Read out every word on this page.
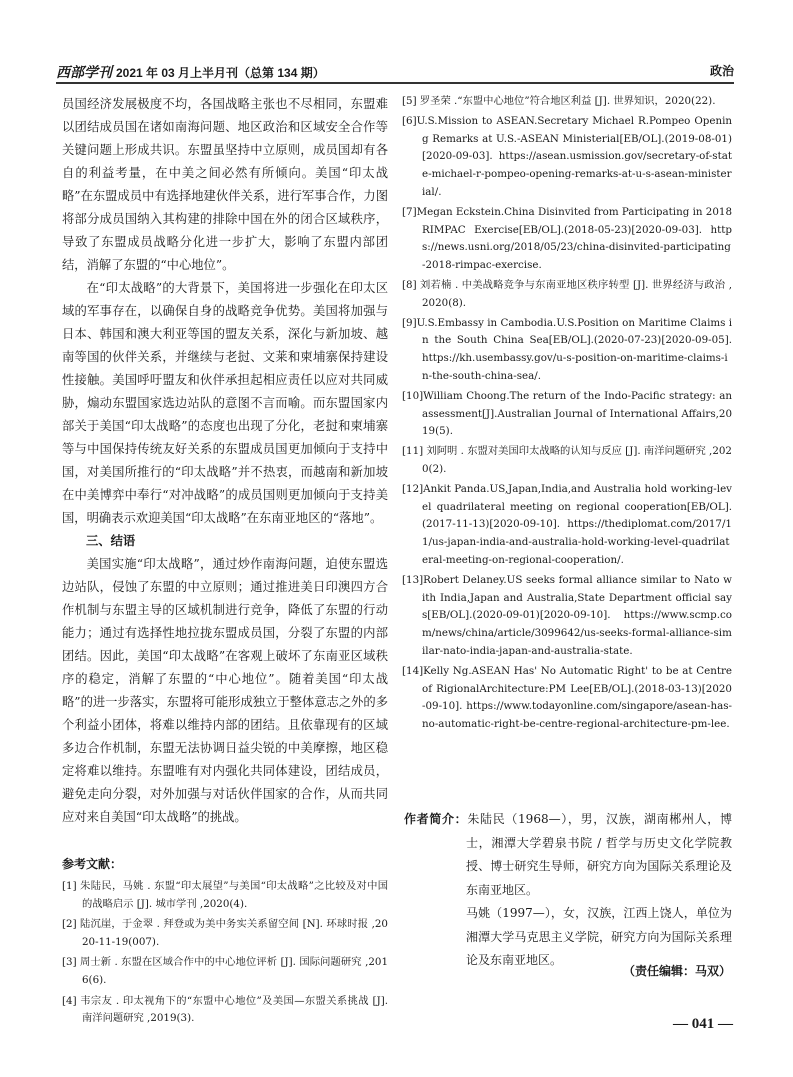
西部学刊 2021 年 03 月上半月刊（总第 134 期）	政治

员国经济发展极度不均，各国战略主张也不尽相同，东盟难以团结成员国在诸如南海问题、地区政治和区域安全合作等关键问题上形成共识。东盟虽坚持中立原则，成员国却有各自的利益考量，在中美之间必然有所倾向。美国“印太战略”在东盟成员中有选择地建伙伴关系，进行军事合作，力图将部分成员国纳入其构建的排除中国在外的闭合区域秩序，导致了东盟成员战略分化进一步扩大，影响了东盟内部团结，消解了东盟的“中心地位”。

在“印太战略”的大背景下，美国将进一步强化在印太区域的军事存在，以确保自身的战略竞争优势。美国将加强与日本、韩国和澳大利亚等国的盟友关系，深化与新加坡、越南等国的伙伴关系，并继续与老挝、文莱和柬埔寨保持建设性接触。美国呼吁盟友和伙伴承担起相应责任以应对共同威胁，煽动东盟国家选边站队的意图不言而喻。而东盟国家内部关于美国“印太战略”的态度也出现了分化，老挝和柬埔寨等与中国保持传统友好关系的东盟成员国更加倾向于支持中国，对美国所推行的“印太战略”并不热衷，而越南和新加坡在中美博弈中奉行“对冲战略”的成员国则更加倾向于支持美国，明确表示欢迎美国“印太战略”在东南亚地区的“落地”。

三、结语

美国实施“印太战略”，通过炒作南海问题，迫使东盟选边站队，侵蚀了东盟的中立原则；通过推进美日印澳四方合作机制与东盟主导的区域机制进行竞争，降低了东盟的行动能力；通过有选择性地拉拢东盟成员国，分裂了东盟的内部团结。因此，美国“印太战略”在客观上破坏了东南亚区域秩序的稳定，消解了东盟的“中心地位”。随着美国“印太战略”的进一步落实，东盟将可能形成独立于整体意志之外的多个利益小团体，将难以维持内部的团结。且依靠现有的区域多边合作机制，东盟无法协调日益尖锐的中美摩擦，地区稳定将难以维持。东盟唯有对内强化共同体建设，团结成员，避免走向分裂，对外加强与对话伙伴国家的合作，从而共同应对来自美国“印太战略”的挑战。

参考文献：

[1] 朱陆民，马姚 . 东盟“印太展望”与美国“印太战略”之比较及对中国的战略启示 [J]. 城市学刊 ,2020(4).

[2] 陆沉崖，于金翠 . 拜登或为美中务实关系留空间 [N]. 环球时报 ,2020-11-19(007).

[3] 周士新 . 东盟在区域合作中的中心地位评析 [J]. 国际问题研究 ,2016(6).

[4] 韦宗友 . 印太视角下的“东盟中心地位”及美国—东盟关系挑战 [J]. 南洋问题研究 ,2019(3).

[5] 罗圣荣 .“东盟中心地位”符合地区利益 [J]. 世界知识，2020(22).

[6]U.S.Mission to ASEAN.Secretary Michael R.Pompeo Opening Remarks at U.S.-ASEAN Ministerial[EB/OL].(2019-08-01)[2020-09-03]. https://asean.usmission.gov/secretary-of-state-michael-r-pompeo-opening-remarks-at-u-s-asean-ministerial/.

[7]Megan Eckstein.China Disinvited from Participating in 2018 RIMPAC Exercise[EB/OL].(2018-05-23)[2020-09-03]. https://news.usni.org/2018/05/23/china-disinvited-participating-2018-rimpac-exercise.

[8] 刘若楠 . 中美战略竞争与东南亚地区秩序转型 [J]. 世界经济与政治 ,2020(8).

[9]U.S.Embassy in Cambodia.U.S.Position on Maritime Claims in the South China Sea[EB/OL].(2020-07-23)[2020-09-05]. https://kh.usembassy.gov/u-s-position-on-maritime-claims-in-the-south-china-sea/.

[10]William Choong.The return of the Indo-Pacific strategy: anassessment[J].Australian Journal of International Affairs,2019(5).

[11] 刘阿明 . 东盟对美国印太战略的认知与反应 [J]. 南洋问题研究 ,2020(2).

[12]Ankit Panda.US,Japan,India,and Australia hold working-level quadrilateral meeting on regional cooperation[EB/OL].(2017-11-13)[2020-09-10]. https://thediplomat.com/2017/11/us-japan-india-and-australia-hold-working-level-quadrilateral-meeting-on-regional-cooperation/.

[13]Robert Delaney.US seeks formal alliance similar to Nato with India,Japan and Australia,State Department official says[EB/OL].(2020-09-01)[2020-09-10]. https://www.scmp.com/news/china/article/3099642/us-seeks-formal-alliance-similar-nato-india-japan-and-australia-state.

[14]Kelly Ng.ASEAN Has' No Automatic Right' to be at Centre of RigionalArchitecture:PM Lee[EB/OL].(2018-03-13)[2020-09-10]. https://www.todayonline.com/singapore/asean-has-no-automatic-right-be-centre-regional-architecture-pm-lee.

作者简介：朱陆民（1968—），男，汉族，湖南郴州人，博士，湘潭大学碧泉书院 / 哲学与历史文化学院教授、博士研究生导师，研究方向为国际关系理论及东南亚地区。

马姚（1997—），女，汉族，江西上饶人，单位为湘潭大学马克思主义学院，研究方向为国际关系理论及东南亚地区。

（责任编辑：马双）
— 041 —
